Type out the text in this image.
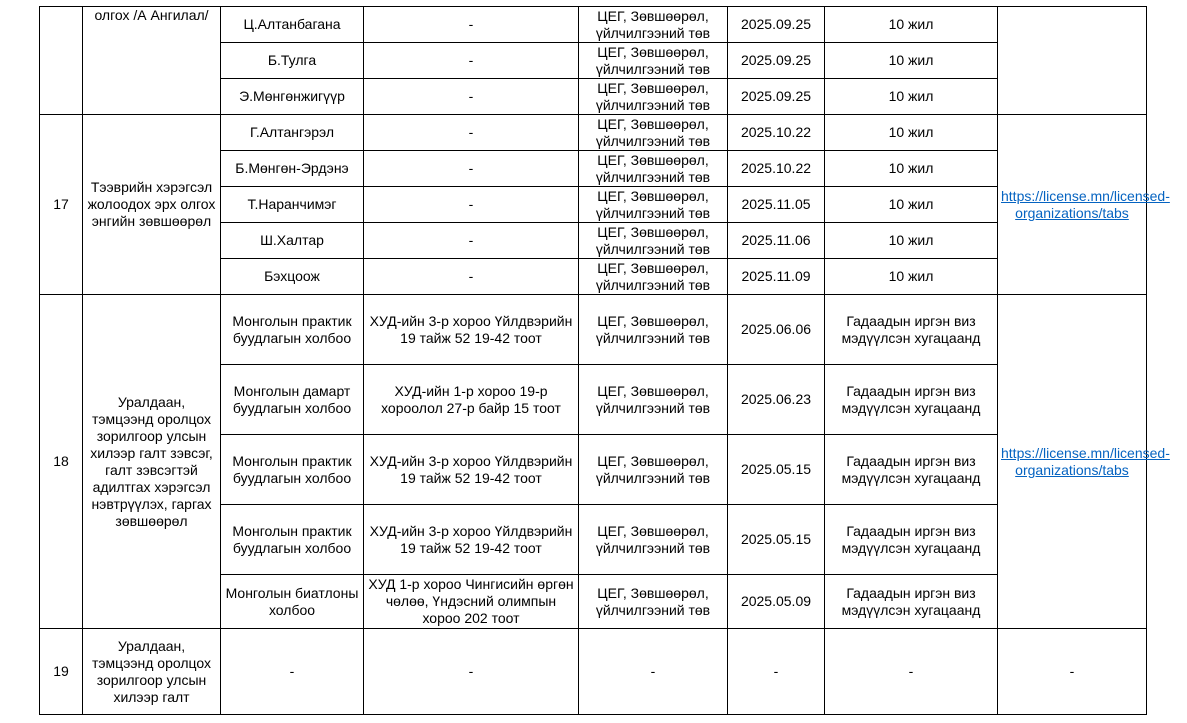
	олгох /А Ангилал/	Ц.Алтанбагана	-	ЦЕГ, Зөвшөөрөл, үйлчилгээний төв	2025.09.25	10 жил	
		Б.Тулга	-	ЦЕГ, Зөвшөөрөл, үйлчилгээний төв	2025.09.25	10 жил	
		Э.Мөнгөнжигүүр	-	ЦЕГ, Зөвшөөрөл, үйлчилгээний төв	2025.09.25	10 жил	
17	Тээврийн хэрэгсэл жолоодох эрх олгох энгийн зөвшөөрөл	Г.Алтангэрэл	-	ЦЕГ, Зөвшөөрөл, үйлчилгээний төв	2025.10.22	10 жил	https://license.mn/licensed-organizations/tabs
		Б.Мөнгөн-Эрдэнэ	-	ЦЕГ, Зөвшөөрөл, үйлчилгээний төв	2025.10.22	10 жил	
		Т.Наранчимэг	-	ЦЕГ, Зөвшөөрөл, үйлчилгээний төв	2025.11.05	10 жил	
		Ш.Халтар	-	ЦЕГ, Зөвшөөрөл, үйлчилгээний төв	2025.11.06	10 жил	
		Бэхцоож	-	ЦЕГ, Зөвшөөрөл, үйлчилгээний төв	2025.11.09	10 жил	
18	Уралдаан, тэмцээнд оролцох зорилгоор улсын хилээр галт зэвсэг, галт зэвсэгтэй адилтгах хэрэгсэл нэвтрүүлэх, гаргах зөвшөөрөл	Монголын практик буудлагын холбоо	ХУД-ийн 3-р хороо Үйлдвэрийн 19 тайж 52 19-42 тоот	ЦЕГ, Зөвшөөрөл, үйлчилгээний төв	2025.06.06	Гадаадын иргэн виз мэдүүлсэн хугацаанд	https://license.mn/licensed-organizations/tabs
		Монголын дамарт буудлагын холбоо	ХУД-ийн 1-р хороо 19-р хороолол 27-р байр 15 тоот	ЦЕГ, Зөвшөөрөл, үйлчилгээний төв	2025.06.23	Гадаадын иргэн виз мэдүүлсэн хугацаанд	
		Монголын практик буудлагын холбоо	ХУД-ийн 3-р хороо Үйлдвэрийн 19 тайж 52 19-42 тоот	ЦЕГ, Зөвшөөрөл, үйлчилгээний төв	2025.05.15	Гадаадын иргэн виз мэдүүлсэн хугацаанд	
		Монголын практик буудлагын холбоо	ХУД-ийн 3-р хороо Үйлдвэрийн 19 тайж 52 19-42 тоот	ЦЕГ, Зөвшөөрөл, үйлчилгээний төв	2025.05.15	Гадаадын иргэн виз мэдүүлсэн хугацаанд	
		Монголын биатлоны холбоо	ХУД 1-р хороо Чингисийн өргөн чөлөө, Үндэсний олимпын хороо 202 тоот	ЦЕГ, Зөвшөөрөл, үйлчилгээний төв	2025.05.09	Гадаадын иргэн виз мэдүүлсэн хугацаанд	
19	Уралдаан, тэмцээнд оролцох зорилгоор улсын хилээр галт	-	-	-	-	-	-
